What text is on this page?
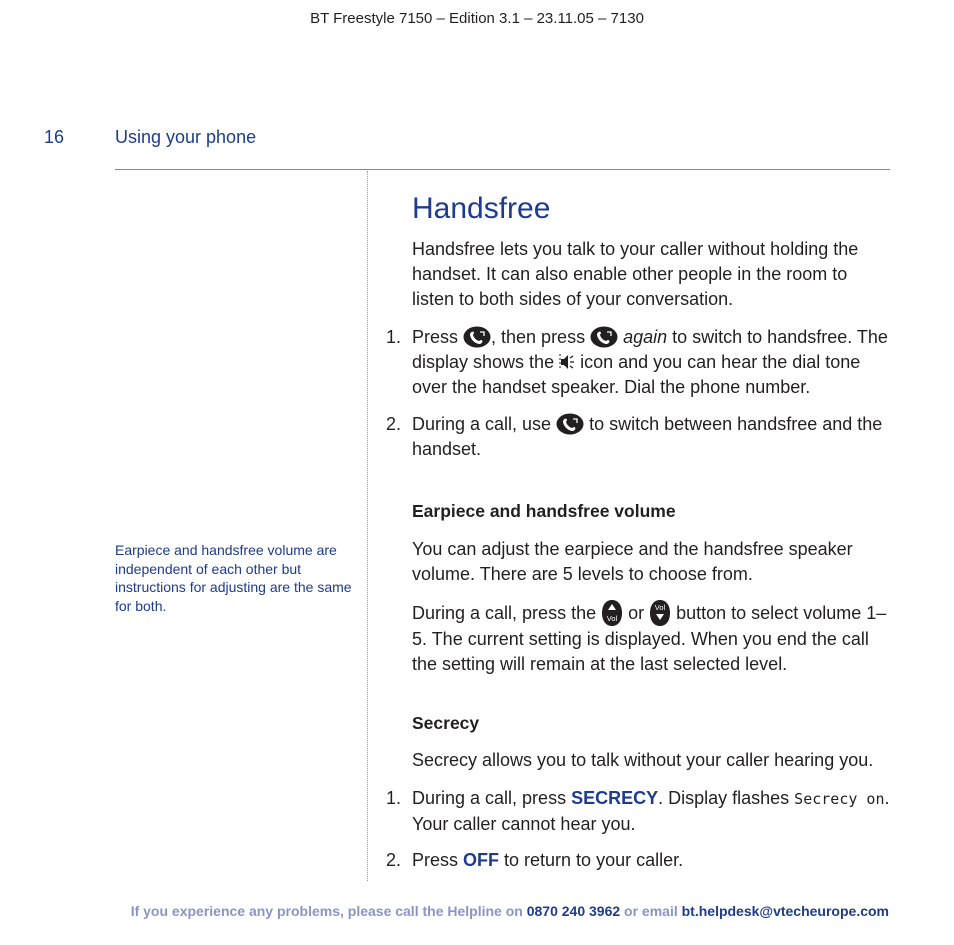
BT Freestyle 7150 – Edition 3.1 – 23.11.05 – 7130
16	Using your phone
Earpiece and handsfree volume are independent of each other but instructions for adjusting are the same for both.
Handsfree
Handsfree lets you talk to your caller without holding the handset. It can also enable other people in the room to listen to both sides of your conversation.
1. Press
, then press
again to switch to handsfree. The display shows the  icon and you can hear the dial tone over the handset speaker. Dial the phone number.
2. During a call, use
to switch between handsfree and the handset.
Earpiece and handsfree volume
You can adjust the earpiece and the handsfree speaker volume. There are 5 levels to choose from.
During a call, press the Vol or Vol button to select volume 1–5. The current setting is displayed. When you end the call the setting will remain at the last selected level.
Secrecy
Secrecy allows you to talk without your caller hearing you.
1. During a call, press SECRECY. Display flashes Secrecy on. Your caller cannot hear you.
2. Press OFF to return to your caller.
If you experience any problems, please call the Helpline on 0870 240 3962 or email bt.helpdesk@vtecheurope.com
